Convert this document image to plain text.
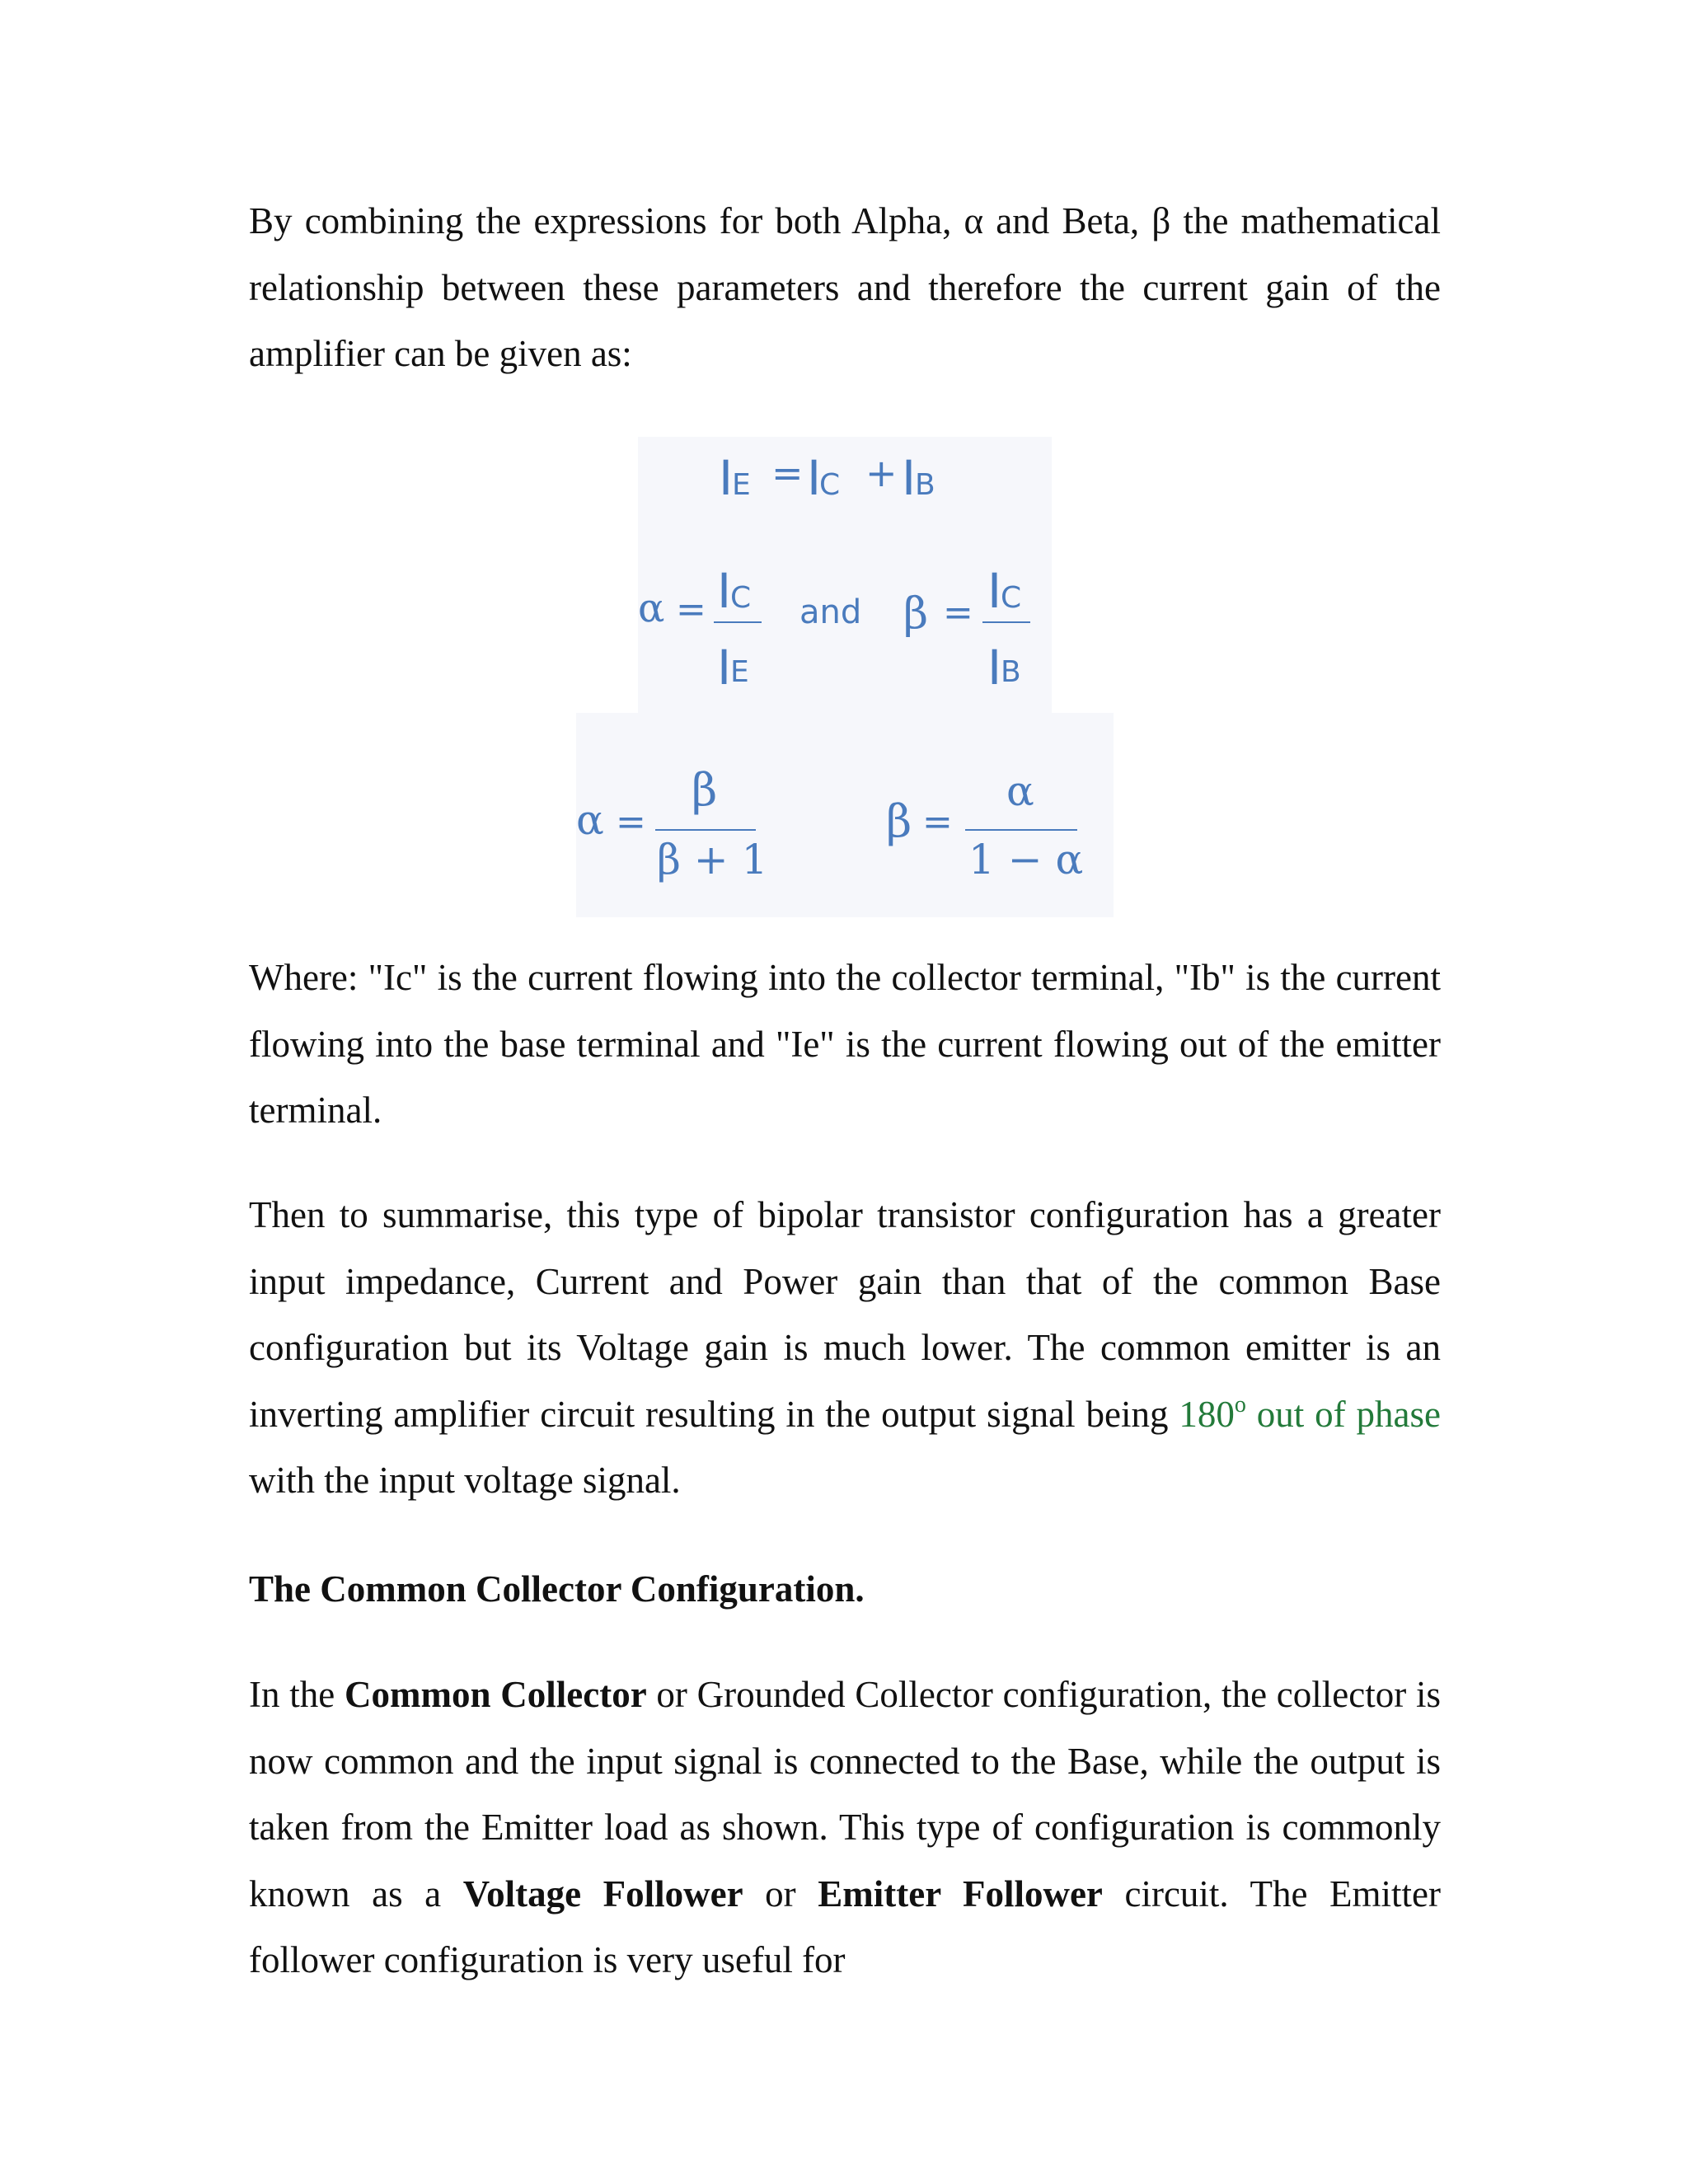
By combining the expressions for both Alpha, α and Beta, β the mathematical relationship between these parameters and therefore the current gain of the amplifier can be given as:

I
E = I
C + I
B
α = I
C
I
E
and β = I
C
I
B
α =
β
β + 1
β =
α
1 − α

Where: "Ic" is the current flowing into the collector terminal, "Ib" is the current flowing into the base terminal and "Ie" is the current flowing out of the emitter terminal.

Then to summarise, this type of bipolar transistor configuration has a greater input impedance, Current and Power gain than that of the common Base configuration but its Voltage gain is much lower. The common emitter is an inverting amplifier circuit resulting in the output signal being 180$^o$ out of phase with the input voltage signal.

The Common Collector Configuration.

In the Common Collector or Grounded Collector configuration, the collector is now common and the input signal is connected to the Base, while the output is taken from the Emitter load as shown. This type of configuration is commonly known as a Voltage Follower or Emitter Follower circuit. The Emitter follower configuration is very useful for
